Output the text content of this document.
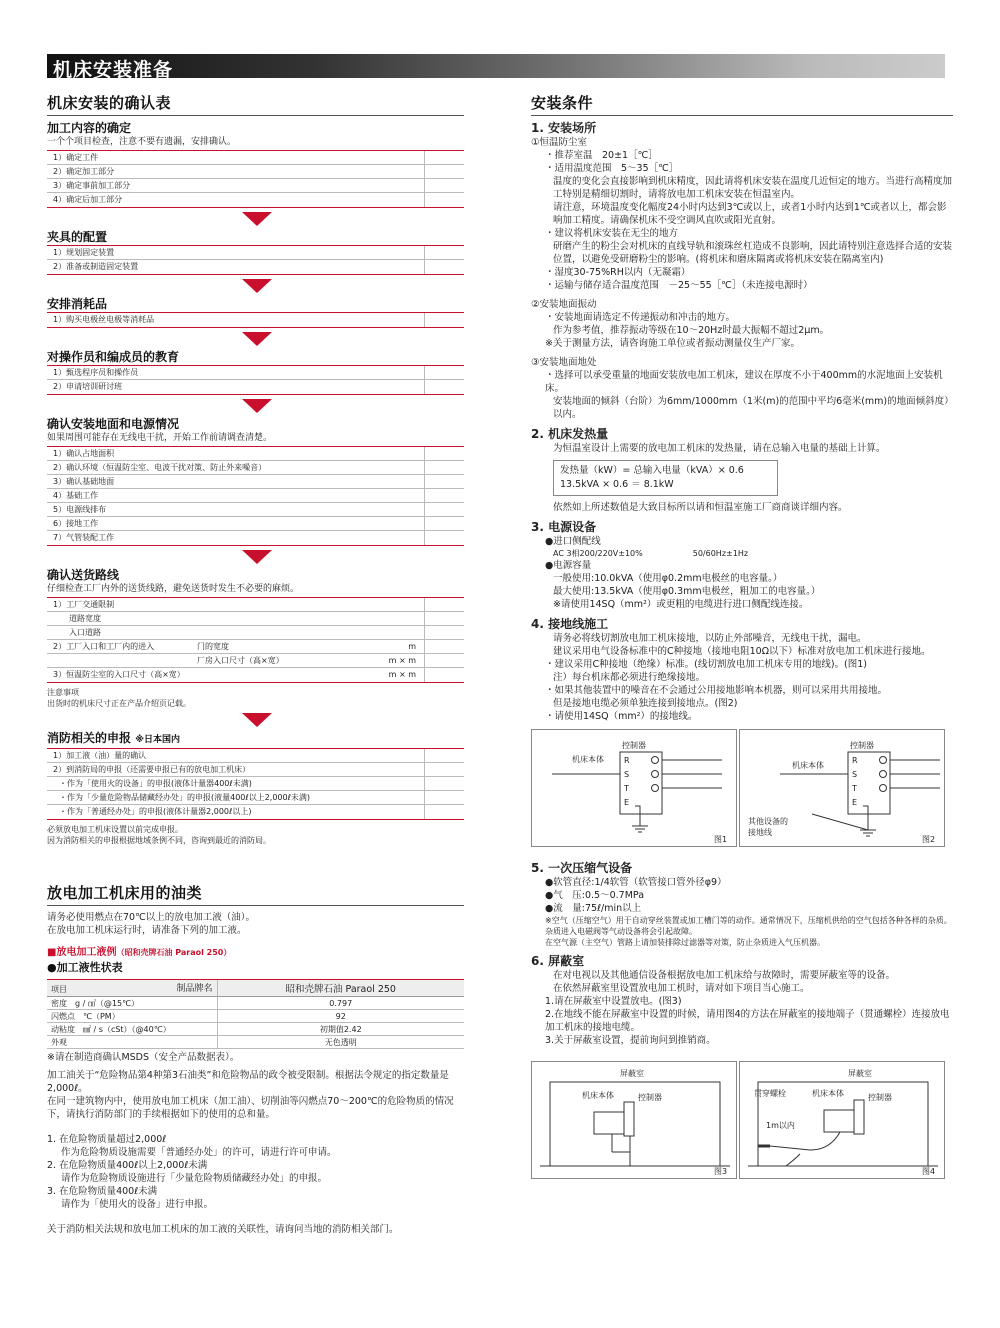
机床安装准备
机床安装的确认表
加工内容的确定
一个个项目检查，注意不要有遗漏，安排确认。
1）确定工件
2）确定加工部分
3）确定事前加工部分
4）确定后加工部分
夹具的配置
1）规划固定装置
2）准备或制造固定装置
安排消耗品
1）购买电极丝电极等消耗品
对操作员和编成员的教育
1）甄选程序员和操作员
2）申请培训研讨班
确认安装地面和电源情况
如果周围可能存在无线电干扰，开始工作前请调查清楚。
1）确认占地面积
2）确认环境（恒温防尘室、电波干扰对策、防止外来噪音）
3）确认基础地面
4）基础工作
5）电源线排布
6）接地工作
7）气管装配工作
确认送货路线
仔细检查工厂内外的送货线路，避免送货时发生不必要的麻烦。
1）工厂交通限制
道路宽度
入口道路
2）工厂入口和工厂内的进入	门的宽度	m
厂房入口尺寸（高×宽）	m × m
3）恒温防尘室的入口尺寸（高×宽）	m × m
注意事项
出货时的机床尺寸正在产品介绍页记载。
消防相关的申报 ※日本国内
1）加工液（油）量的确认
2）到消防局的申报（还需要申报已有的放电加工机床）
・作为「使用火的设备」的申报(液体计量器400ℓ未满)
・作为「少量危险物品储藏经办处」的申报(液量400ℓ以上2,000ℓ未满)
・作为「普通经办处」的申报(液体计量器2,000ℓ以上)
必须放电加工机床设置以前完成申报。
因为消防相关的申报根据地域条例不同，咨询到最近的消防局。
放电加工机床用的油类
请务必使用燃点在70℃以上的放电加工液（油）。
在放电加工机床运行时，请准备下列的加工液。
■放电加工液例（昭和壳牌石油 Paraol 250）
●加工液性状表
项目 制品牌名	昭和壳牌石油 Paraol 250
密度　g / ㎤（@15℃）	0.797
闪燃点　℃（PM）	92
动粘度　㎟ / s（cSt）（@40℃）	初期值2.42
外观	无色透明
※请在制造商确认MSDS（安全产品数据表）。
加工油关于“危险物品第4种第3石油类”和危险物品的政令被受限制。根据法令规定的指定数量是2,000ℓ。
在同一建筑物内中，使用放电加工机床（加工油）、切削油等闪燃点70～200℃的危险物质的情况下，请执行消防部门的手续根据如下的使用的总和量。
1. 在危险物质量超过2,000ℓ
作为危险物质设施需要「普通经办处」的许可，请进行许可申请。
2. 在危险物质量400ℓ以上2,000ℓ未满
请作为危险物质设施进行「少量危险物质储藏经办处」的申报。
3. 在危险物质量400ℓ未满
请作为「使用火的设备」进行申报。
关于消防相关法规和放电加工机床的加工液的关联性，请询问当地的消防相关部门。
安装条件
1. 安装场所
①恒温防尘室
・推荐室温　20±1［℃］
・适用温度范围　5～35［℃］
温度的变化会直接影响到机床精度，因此请将机床安装在温度几近恒定的地方。当进行高精度加工特别是精细切割时，请将放电加工机床安装在恒温室内。
请注意，环境温度变化幅度24小时内达到3℃或以上，或者1小时内达到1℃或者以上，都会影响加工精度。请确保机床不受空调风直吹或阳光直射。
・建议将机床安装在无尘的地方
研磨产生的粉尘会对机床的直线导轨和滚珠丝杠造成不良影响，因此请特别注意选择合适的安装位置，以避免受研磨粉尘的影响。(将机床和磨床隔离或将机床安装在隔离室内)
・湿度30-75%RH以内（无凝霜）
・运输与储存适合温度范围　－25～55［℃］（未连接电源时）
②安装地面振动
・安装地面请选定不传递振动和冲击的地方。
作为参考值，推荐振动等级在10～20Hz时最大振幅不超过2μm。
※关于测量方法，请咨询施工单位或者振动测量仪生产厂家。
③安装地面地处
・选择可以承受重量的地面安装放电加工机床，建议在厚度不小于400mm的水泥地面上安装机床。
安装地面的倾斜（台阶）为6mm/1000mm（1米(m)的范围中平均6毫米(mm)的地面倾斜度）以内。
2. 机床发热量
为恒温室设计上需要的放电加工机床的发热量，请在总输入电量的基础上计算。
发热量（kW）= 总输入电量（kVA）× 0.6
13.5kVA × 0.6 ＝ 8.1kW
依然如上所述数值是大致目标所以请和恒温室施工厂商商谈详细内容。
3. 电源设备
●进口侧配线
AC 3相200/220V±10%	50/60Hz±1Hz
●电源容量
一般使用:10.0kVA（使用φ0.2mm电极丝的电容量。）
最大使用:13.5kVA（使用φ0.3mm电极丝，粗加工的电容量。）
※请使用14SQ（mm²）或更粗的电缆进行进口侧配线连接。
4. 接地线施工
请务必将线切割放电加工机床接地，以防止外部噪音，无线电干扰，漏电。
建议采用电气设备标准中的C种接地（接地电阻10Ω以下）标准对放电加工机床进行接地。
・建议采用C种接地（绝缘）标准。(线切割放电加工机床专用的地线)。(图1)
注）每台机床都必须进行绝缘接地。
・如果其他装置中的噪音在不会通过公用接地影响本机器，则可以采用共用接地。
但是接地电缆必须单独连接到接地点。(图2)
・请使用14SQ（mm²）的接地线。
控制器
机床本体	R
S
T
E
图1
控制器
机床本体
R
S
T
E
其他设备的
接地线
图2
5. 一次压缩气设备
●软管直径:1/4软管（软管接口管外径φ9）
●气　压:0.5～0.7MPa
●流　量:75ℓ/min以上
※空气（压缩空气）用于自动穿丝装置或加工槽门等的动作。通常情况下，压缩机供给的空气包括各种各样的杂质。杂质进入电磁阀等气动设备将会引起故障。
在空气源（主空气）管路上请加装排除过滤器等对策，防止杂质进入气压机器。
6. 屏蔽室
在对电视以及其他通信设备根据放电加工机床给与故障时，需要屏蔽室等的设备。
在依然屏蔽室里设置放电加工机时，请对如下项目当心施工。
1.请在屏蔽室中设置放电。(图3)
2.在地线不能在屏蔽室中设置的时候，请用图4的方法在屏蔽室的接地端子（贯通螺栓）连接放电加工机床的接地电缆。
3.关于屏蔽室设置，提前询问到推销商。
屏蔽室
机床本体	控制器
图3
屏蔽室
贯穿螺栓	机床本体	控制器
1m以内
图4
